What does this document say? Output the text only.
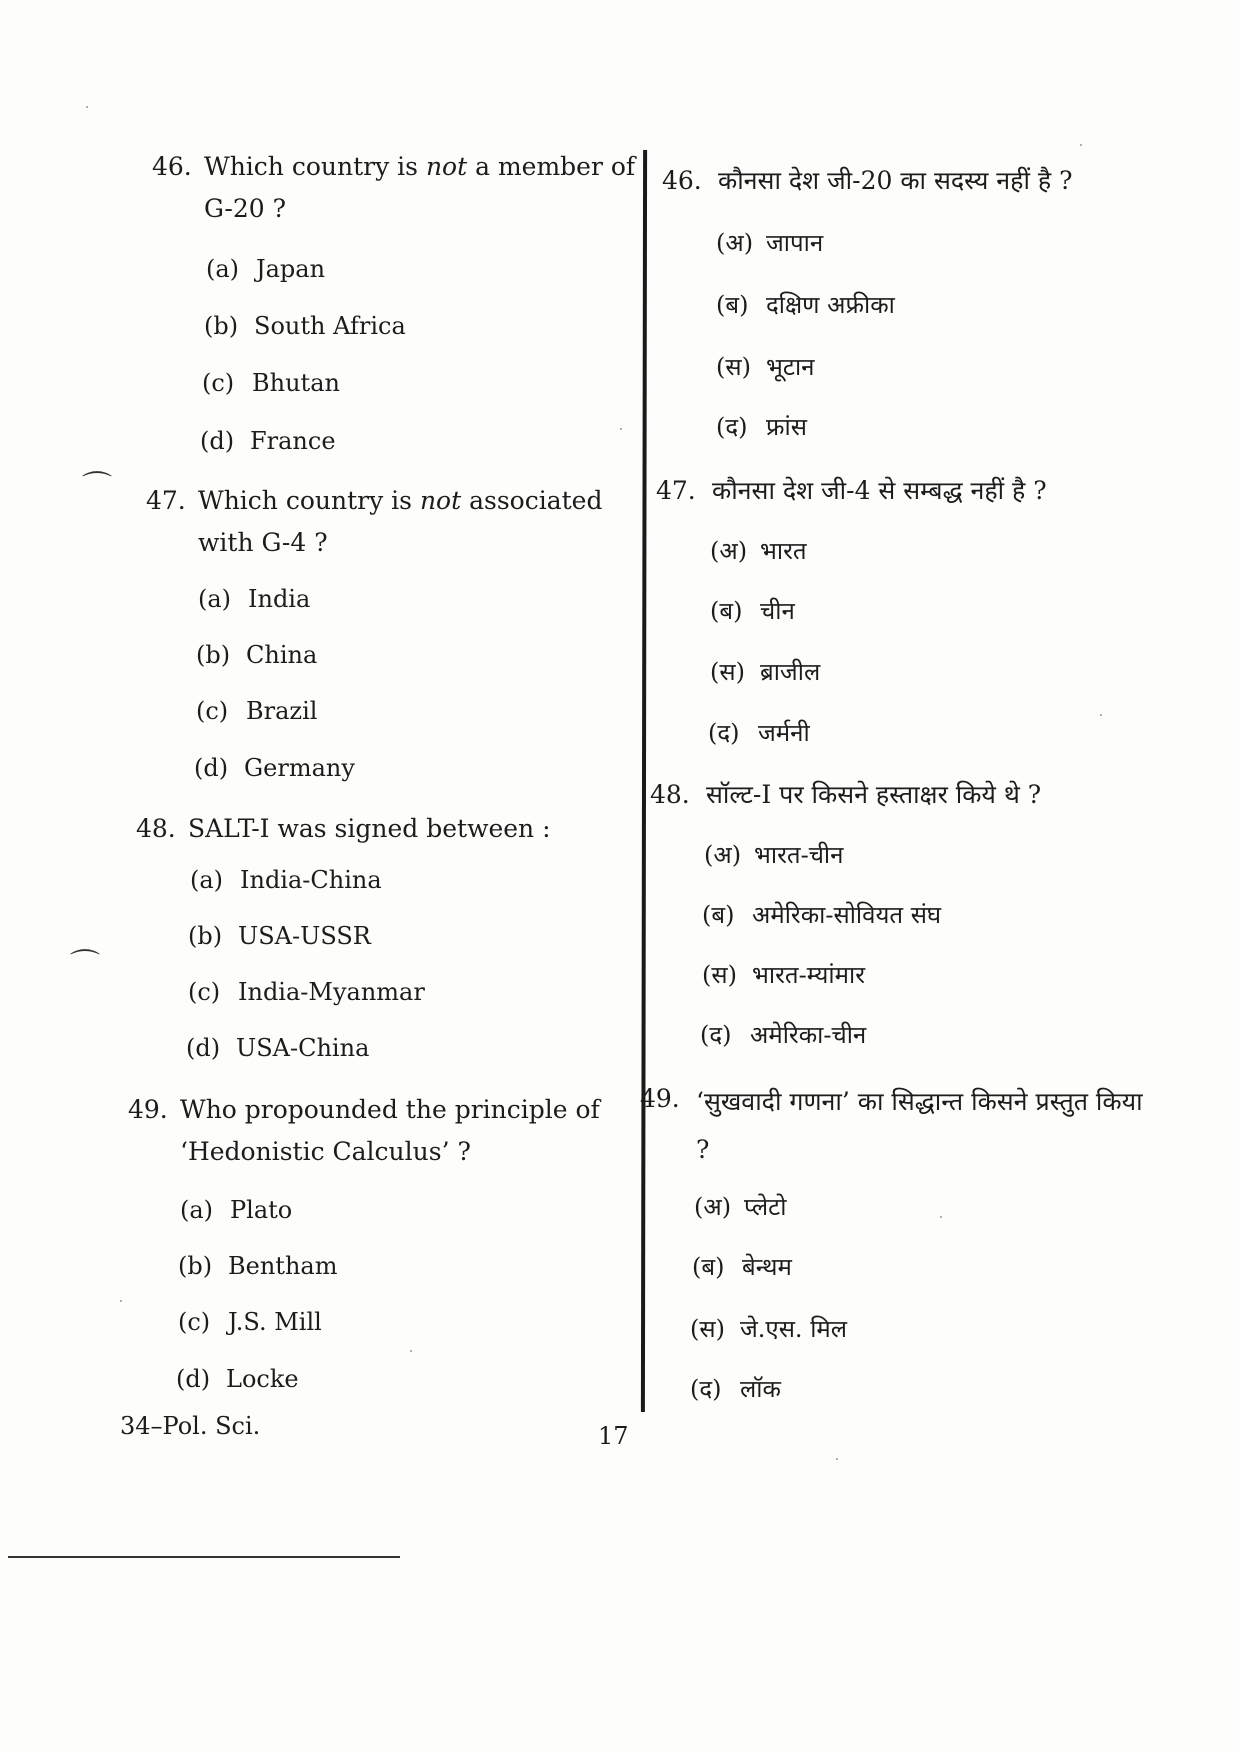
46. Which country is not a member of G-20 ?
(a) Japan
(b) South Africa
(c) Bhutan
(d) France
47. Which country is not associated with G-4 ?
(a) India
(b) China
(c) Brazil
(d) Germany
48. SALT-I was signed between :
(a) India-China
(b) USA-USSR
(c) India-Myanmar
(d) USA-China
49. Who propounded the principle of ‘Hedonistic Calculus’ ?
(a) Plato
(b) Bentham
(c) J.S. Mill
(d) Locke
46. कौनसा देश जी-20 का सदस्य नहीं है ?
(अ) जापान
(ब) दक्षिण अफ्रीका
(स) भूटान
(द) फ्रांस
47. कौनसा देश जी-4 से सम्बद्ध नहीं है ?
(अ) भारत
(ब) चीन
(स) ब्राजील
(द) जर्मनी
48. सॉल्ट-I पर किसने हस्ताक्षर किये थे ?
(अ) भारत-चीन
(ब) अमेरिका-सोवियत संघ
(स) भारत-म्यांमार
(द) अमेरिका-चीन
49. ‘सुखवादी गणना’ का सिद्धान्त किसने प्रस्तुत किया ?
(अ) प्लेटो
(ब) बेन्थम
(स) जे.एस. मिल
(द) लॉक
34–Pol. Sci.	17
⌒
⌒
